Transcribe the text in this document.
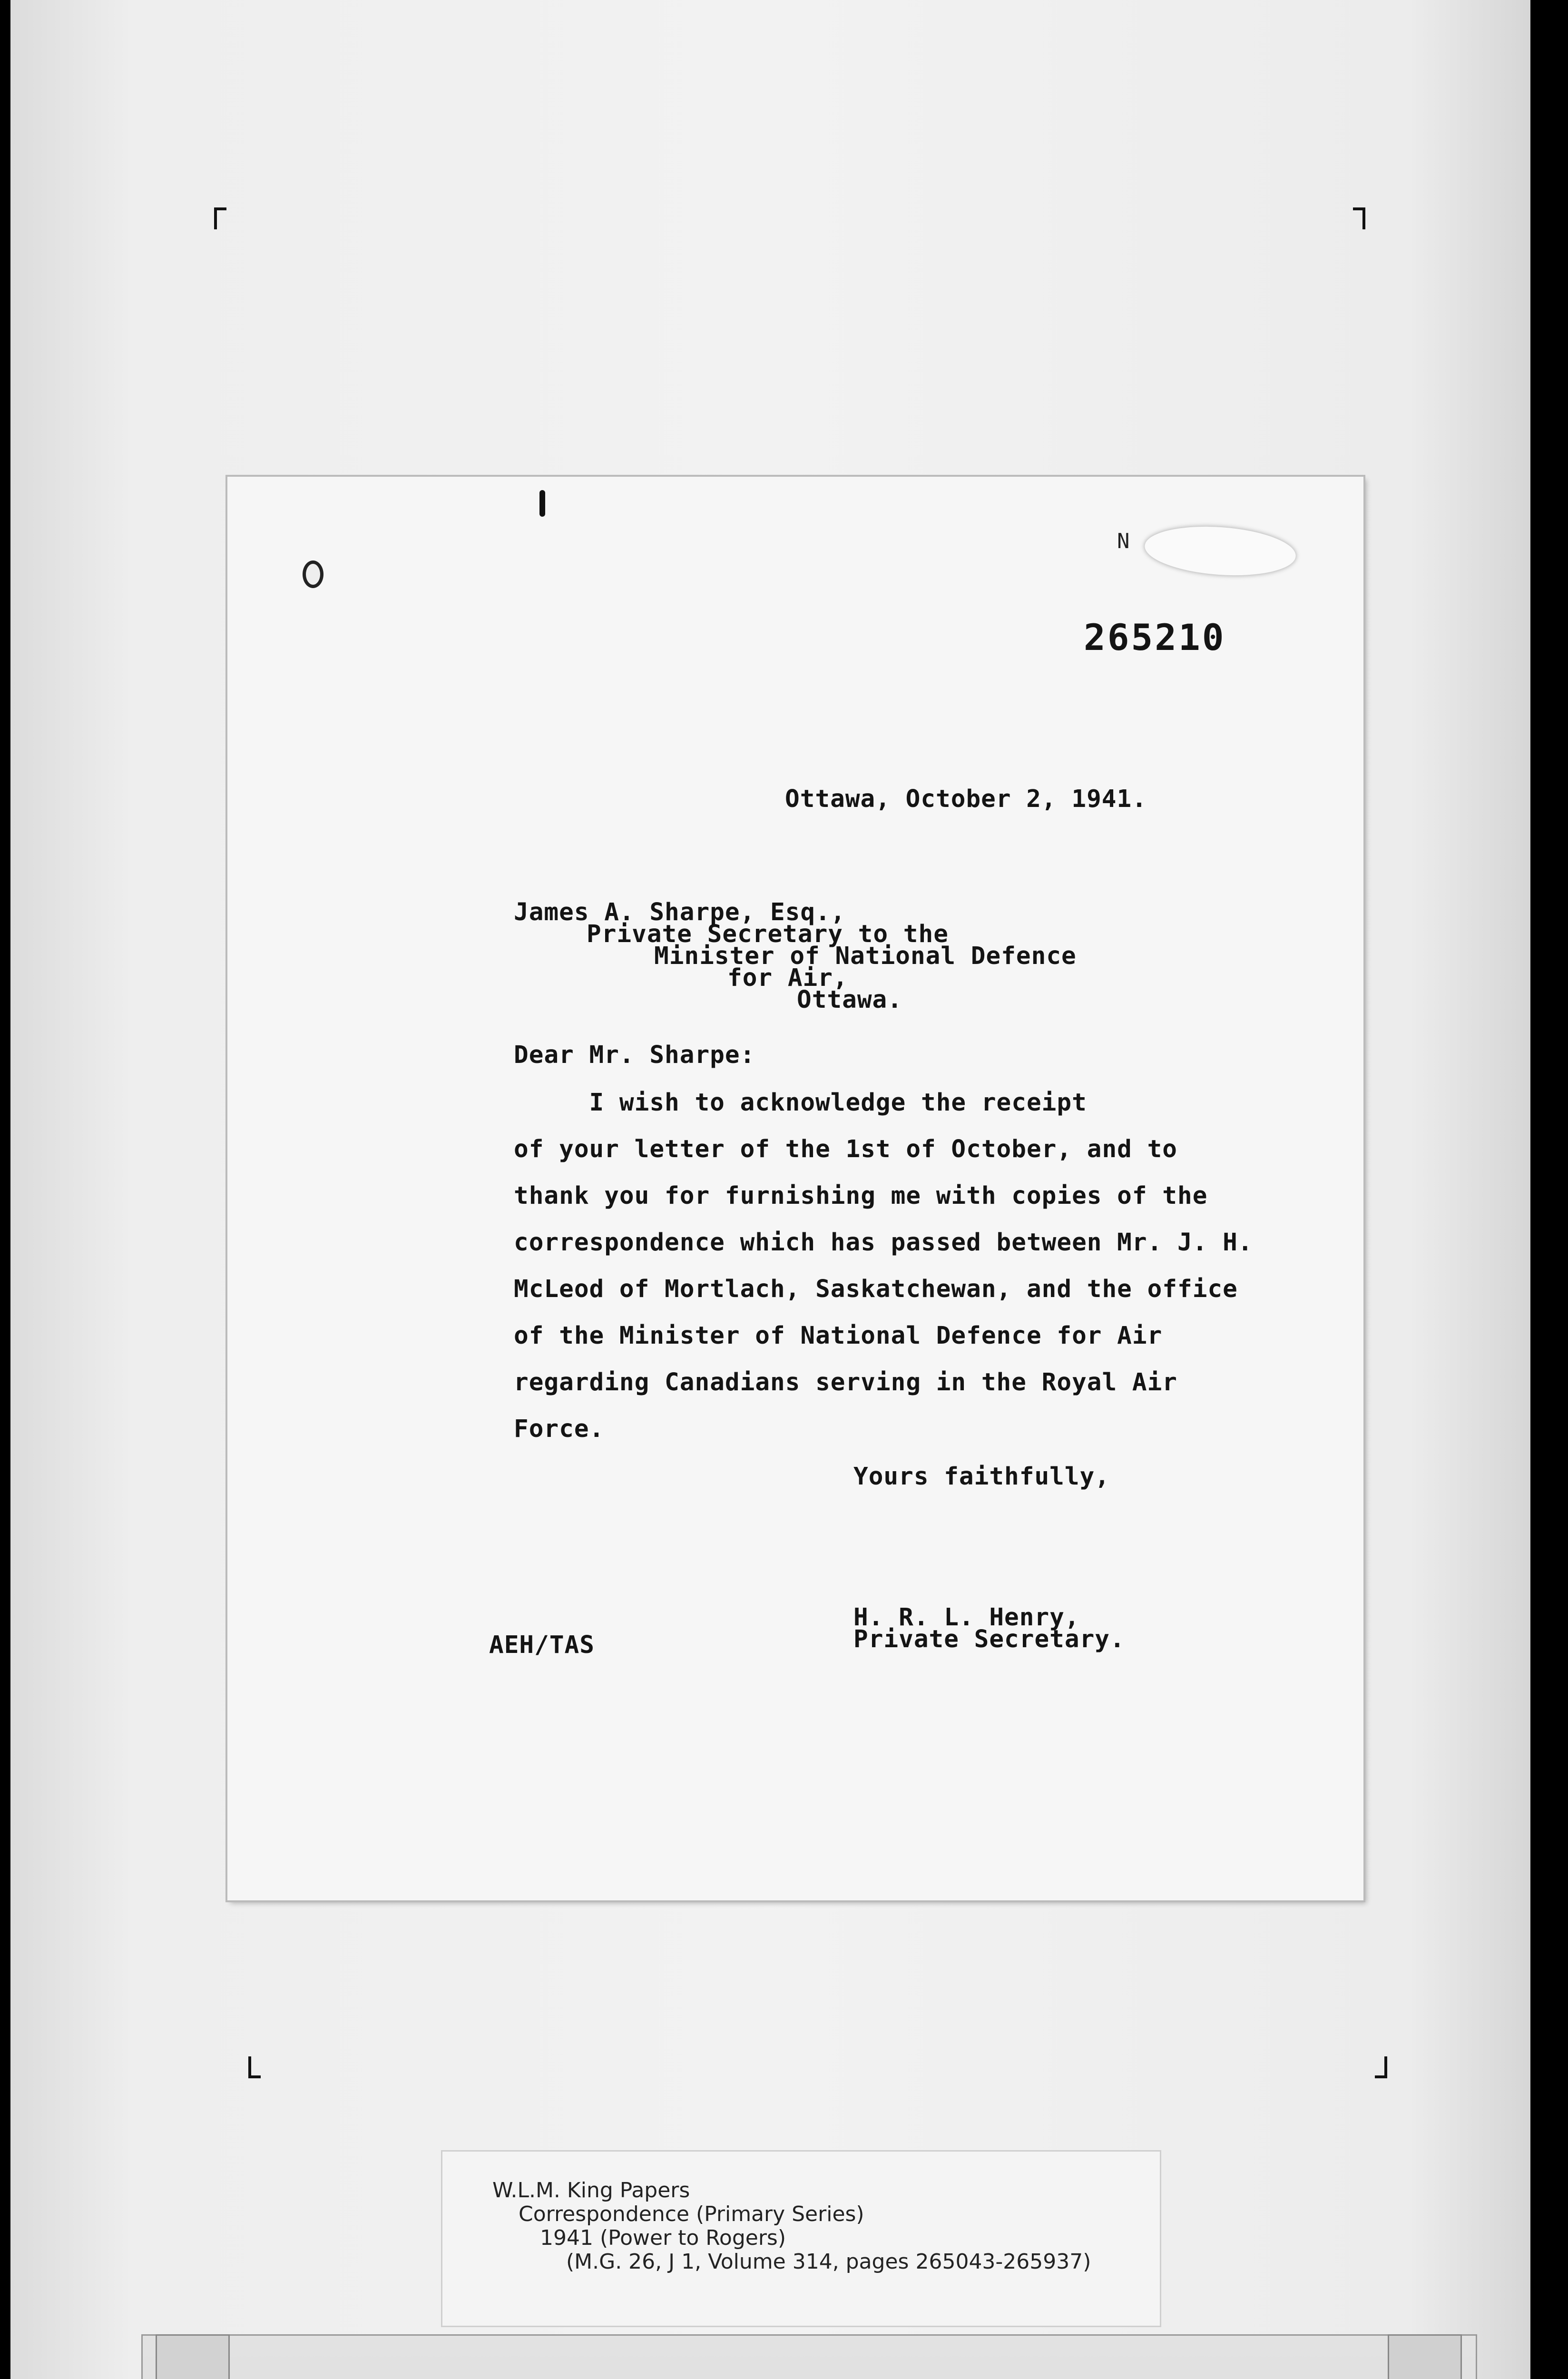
N
265210
Ottawa, October 2, 1941.
James A. Sharpe, Esq.,
Private Secretary to the
Minister of National Defence
for Air,
Ottawa.
Dear Mr. Sharpe:
I wish to acknowledge the receipt
of your letter of the 1st of October, and to
thank you for furnishing me with copies of the
correspondence which has passed between Mr. J. H.
McLeod of Mortlach, Saskatchewan, and the office
of the Minister of National Defence for Air
regarding Canadians serving in the Royal Air
Force.
Yours faithfully,
H. R. L. Henry,
Private Secretary.
AEH/TAS
W.L.M. King Papers
Correspondence (Primary Series)
1941 (Power to Rogers)
(M.G. 26, J 1, Volume 314, pages 265043-265937)
